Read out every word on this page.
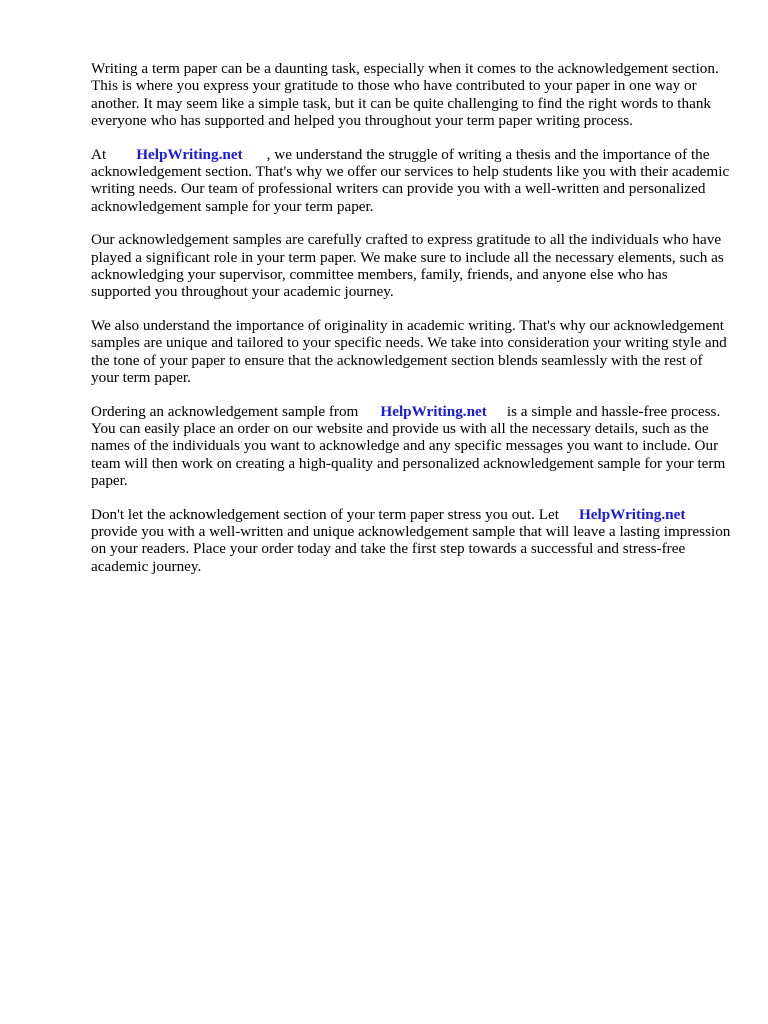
Writing a term paper can be a daunting task, especially when it comes to the acknowledgement section. This is where you express your gratitude to those who have contributed to your paper in one way or another. It may seem like a simple task, but it can be quite challenging to find the right words to thank everyone who has supported and helped you throughout your term paper writing process.

At HelpWriting.net , we understand the struggle of writing a thesis and the importance of the acknowledgement section. That's why we offer our services to help students like you with their academic writing needs. Our team of professional writers can provide you with a well-written and personalized acknowledgement sample for your term paper.

Our acknowledgement samples are carefully crafted to express gratitude to all the individuals who have played a significant role in your term paper. We make sure to include all the necessary elements, such as acknowledging your supervisor, committee members, family, friends, and anyone else who has supported you throughout your academic journey.

We also understand the importance of originality in academic writing. That's why our acknowledgement samples are unique and tailored to your specific needs. We take into consideration your writing style and the tone of your paper to ensure that the acknowledgement section blends seamlessly with the rest of your term paper.

Ordering an acknowledgement sample from HelpWriting.net is a simple and hassle-free process. You can easily place an order on our website and provide us with all the necessary details, such as the names of the individuals you want to acknowledge and any specific messages you want to include. Our team will then work on creating a high-quality and personalized acknowledgement sample for your term paper.

Don't let the acknowledgement section of your term paper stress you out. Let HelpWriting.net provide you with a well-written and unique acknowledgement sample that will leave a lasting impression on your readers. Place your order today and take the first step towards a successful and stress-free academic journey.
